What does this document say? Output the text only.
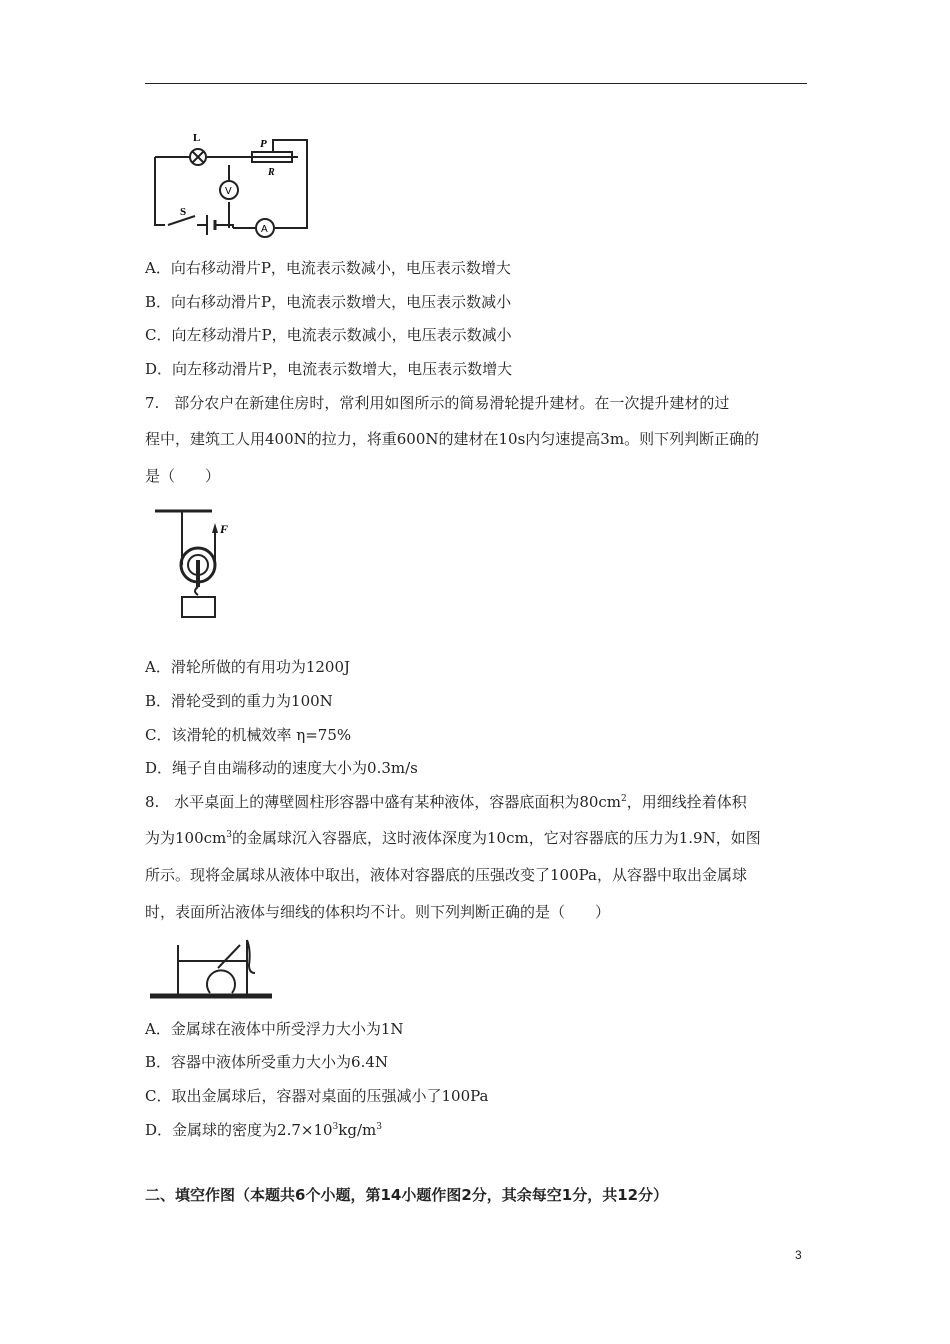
L	P
R
S
V
A
A．向右移动滑片P，电流表示数减小，电压表示数增大
B．向右移动滑片P，电流表示数增大，电压表示数减小
C．向左移动滑片P，电流表示数减小，电压表示数减小
D．向左移动滑片P，电流表示数增大，电压表示数增大
7.　部分农户在新建住房时，常利用如图所示的简易滑轮提升建材。在一次提升建材的过
程中，建筑工人用400N的拉力，将重600N的建材在10s内匀速提高3m。则下列判断正确的
是（　　）
F
A．滑轮所做的有用功为1200J
B．滑轮受到的重力为100N
C．该滑轮的机械效率 η=75%
D．绳子自由端移动的速度大小为0.3m/s
8.　水平桌面上的薄壁圆柱形容器中盛有某种液体，容器底面积为$80cm^2$，用细线拴着体积
为为$100cm^3$的金属球沉入容器底，这时液体深度为10cm，它对容器底的压力为1.9N，如图
所示。现将金属球从液体中取出，液体对容器底的压强改变了100Pa，从容器中取出金属球
时，表面所沾液体与细线的体积均不计。则下列判断正确的是（　　）
A．金属球在液体中所受浮力大小为1N
B．容器中液体所受重力大小为6.4N
C．取出金属球后，容器对桌面的压强减小了100Pa
D．金属球的密度为$2.7\times 10^3kg/m^3$
二、填空作图（本题共6个小题，第14小题作图2分，其余每空1分，共12分）
3
